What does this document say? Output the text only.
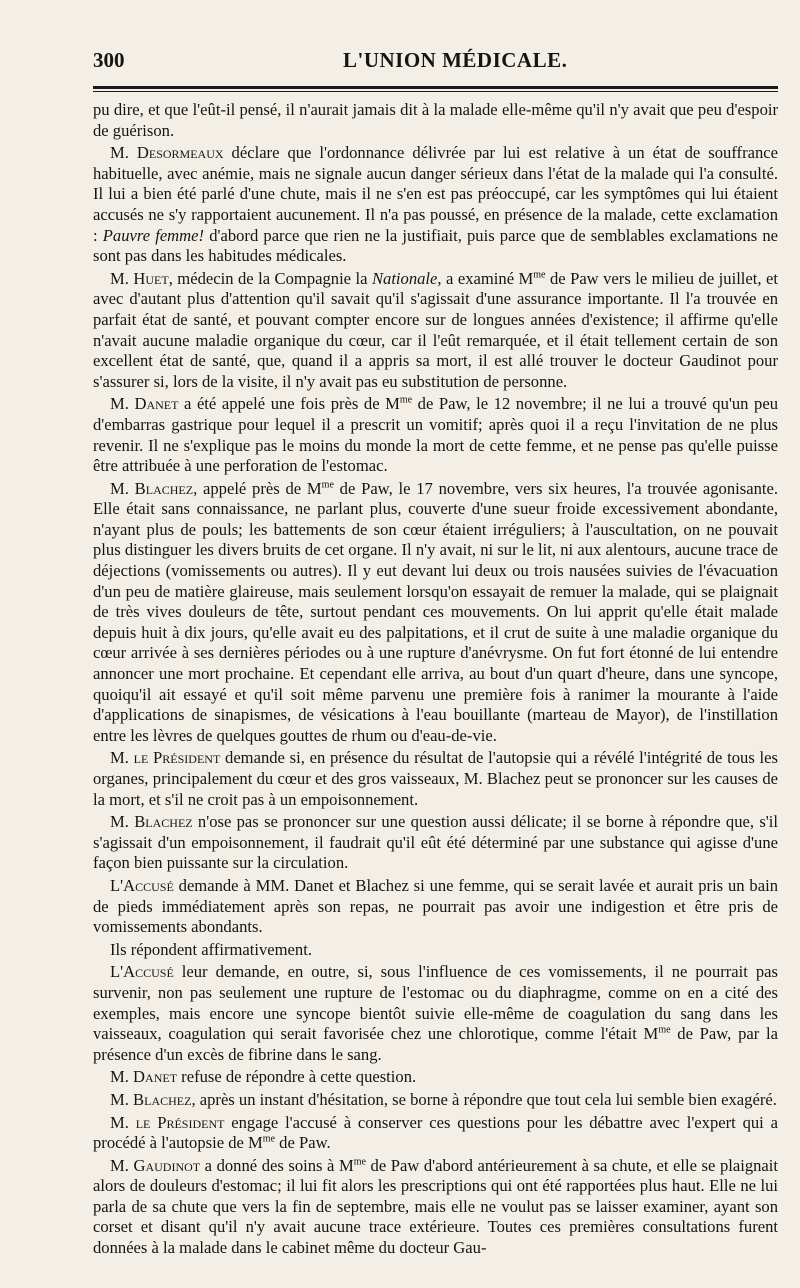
300	L'UNION MÉDICALE.

pu dire, et que l'eût-il pensé, il n'aurait jamais dit à la malade elle-même qu'il n'y avait que peu d'espoir de guérison.

M. Desormeaux déclare que l'ordonnance délivrée par lui est relative à un état de souffrance habituelle, avec anémie, mais ne signale aucun danger sérieux dans l'état de la malade qui l'a consulté. Il lui a bien été parlé d'une chute, mais il ne s'en est pas préoccupé, car les symptômes qui lui étaient accusés ne s'y rapportaient aucunement. Il n'a pas poussé, en présence de la malade, cette exclamation : Pauvre femme! d'abord parce que rien ne la justifiait, puis parce que de semblables exclamations ne sont pas dans les habitudes médicales.

M. Huet, médecin de la Compagnie la Nationale, a examiné $M^{me}$ de Paw vers le milieu de juillet, et avec d'autant plus d'attention qu'il savait qu'il s'agissait d'une assurance importante. Il l'a trouvée en parfait état de santé, et pouvant compter encore sur de longues années d'existence; il affirme qu'elle n'avait aucune maladie organique du cœur, car il l'eût remarquée, et il était tellement certain de son excellent état de santé, que, quand il a appris sa mort, il est allé trouver le docteur Gaudinot pour s'assurer si, lors de la visite, il n'y avait pas eu substitution de personne.

M. Danet a été appelé une fois près de $M^{me}$ de Paw, le 12 novembre; il ne lui a trouvé qu'un peu d'embarras gastrique pour lequel il a prescrit un vomitif; après quoi il a reçu l'invitation de ne plus revenir. Il ne s'explique pas le moins du monde la mort de cette femme, et ne pense pas qu'elle puisse être attribuée à une perforation de l'estomac.

M. Blachez, appelé près de $M^{me}$ de Paw, le 17 novembre, vers six heures, l'a trouvée agonisante. Elle était sans connaissance, ne parlant plus, couverte d'une sueur froide excessivement abondante, n'ayant plus de pouls; les battements de son cœur étaient irréguliers; à l'auscultation, on ne pouvait plus distinguer les divers bruits de cet organe. Il n'y avait, ni sur le lit, ni aux alentours, aucune trace de déjections (vomissements ou autres). Il y eut devant lui deux ou trois nausées suivies de l'évacuation d'un peu de matière glaireuse, mais seulement lorsqu'on essayait de remuer la malade, qui se plaignait de très vives douleurs de tête, surtout pendant ces mouvements. On lui apprit qu'elle était malade depuis huit à dix jours, qu'elle avait eu des palpitations, et il crut de suite à une maladie organique du cœur arrivée à ses dernières périodes ou à une rupture d'anévrysme. On fut fort étonné de lui entendre annoncer une mort prochaine. Et cependant elle arriva, au bout d'un quart d'heure, dans une syncope, quoiqu'il ait essayé et qu'il soit même parvenu une première fois à ranimer la mourante à l'aide d'applications de sinapismes, de vésications à l'eau bouillante (marteau de Mayor), de l'instillation entre les lèvres de quelques gouttes de rhum ou d'eau-de-vie.

M. le Président demande si, en présence du résultat de l'autopsie qui a révélé l'intégrité de tous les organes, principalement du cœur et des gros vaisseaux, M. Blachez peut se prononcer sur les causes de la mort, et s'il ne croit pas à un empoisonnement.

M. Blachez n'ose pas se prononcer sur une question aussi délicate; il se borne à répondre que, s'il s'agissait d'un empoisonnement, il faudrait qu'il eût été déterminé par une substance qui agisse d'une façon bien puissante sur la circulation.

L'Accusé demande à MM. Danet et Blachez si une femme, qui se serait lavée et aurait pris un bain de pieds immédiatement après son repas, ne pourrait pas avoir une indigestion et être pris de vomissements abondants.

Ils répondent affirmativement.

L'Accusé leur demande, en outre, si, sous l'influence de ces vomissements, il ne pourrait pas survenir, non pas seulement une rupture de l'estomac ou du diaphragme, comme on en a cité des exemples, mais encore une syncope bientôt suivie elle-même de coagulation du sang dans les vaisseaux, coagulation qui serait favorisée chez une chlorotique, comme l'était $M^{me}$ de Paw, par la présence d'un excès de fibrine dans le sang.

M. Danet refuse de répondre à cette question.

M. Blachez, après un instant d'hésitation, se borne à répondre que tout cela lui semble bien exagéré.

M. le Président engage l'accusé à conserver ces questions pour les débattre avec l'expert qui a procédé à l'autopsie de $M^{me}$ de Paw.

M. Gaudinot a donné des soins à $M^{me}$ de Paw d'abord antérieurement à sa chute, et elle se plaignait alors de douleurs d'estomac; il lui fit alors les prescriptions qui ont été rapportées plus haut. Elle ne lui parla de sa chute que vers la fin de septembre, mais elle ne voulut pas se laisser examiner, ayant son corset et disant qu'il n'y avait aucune trace extérieure. Toutes ces premières consultations furent données à la malade dans le cabinet même du docteur Gau-
